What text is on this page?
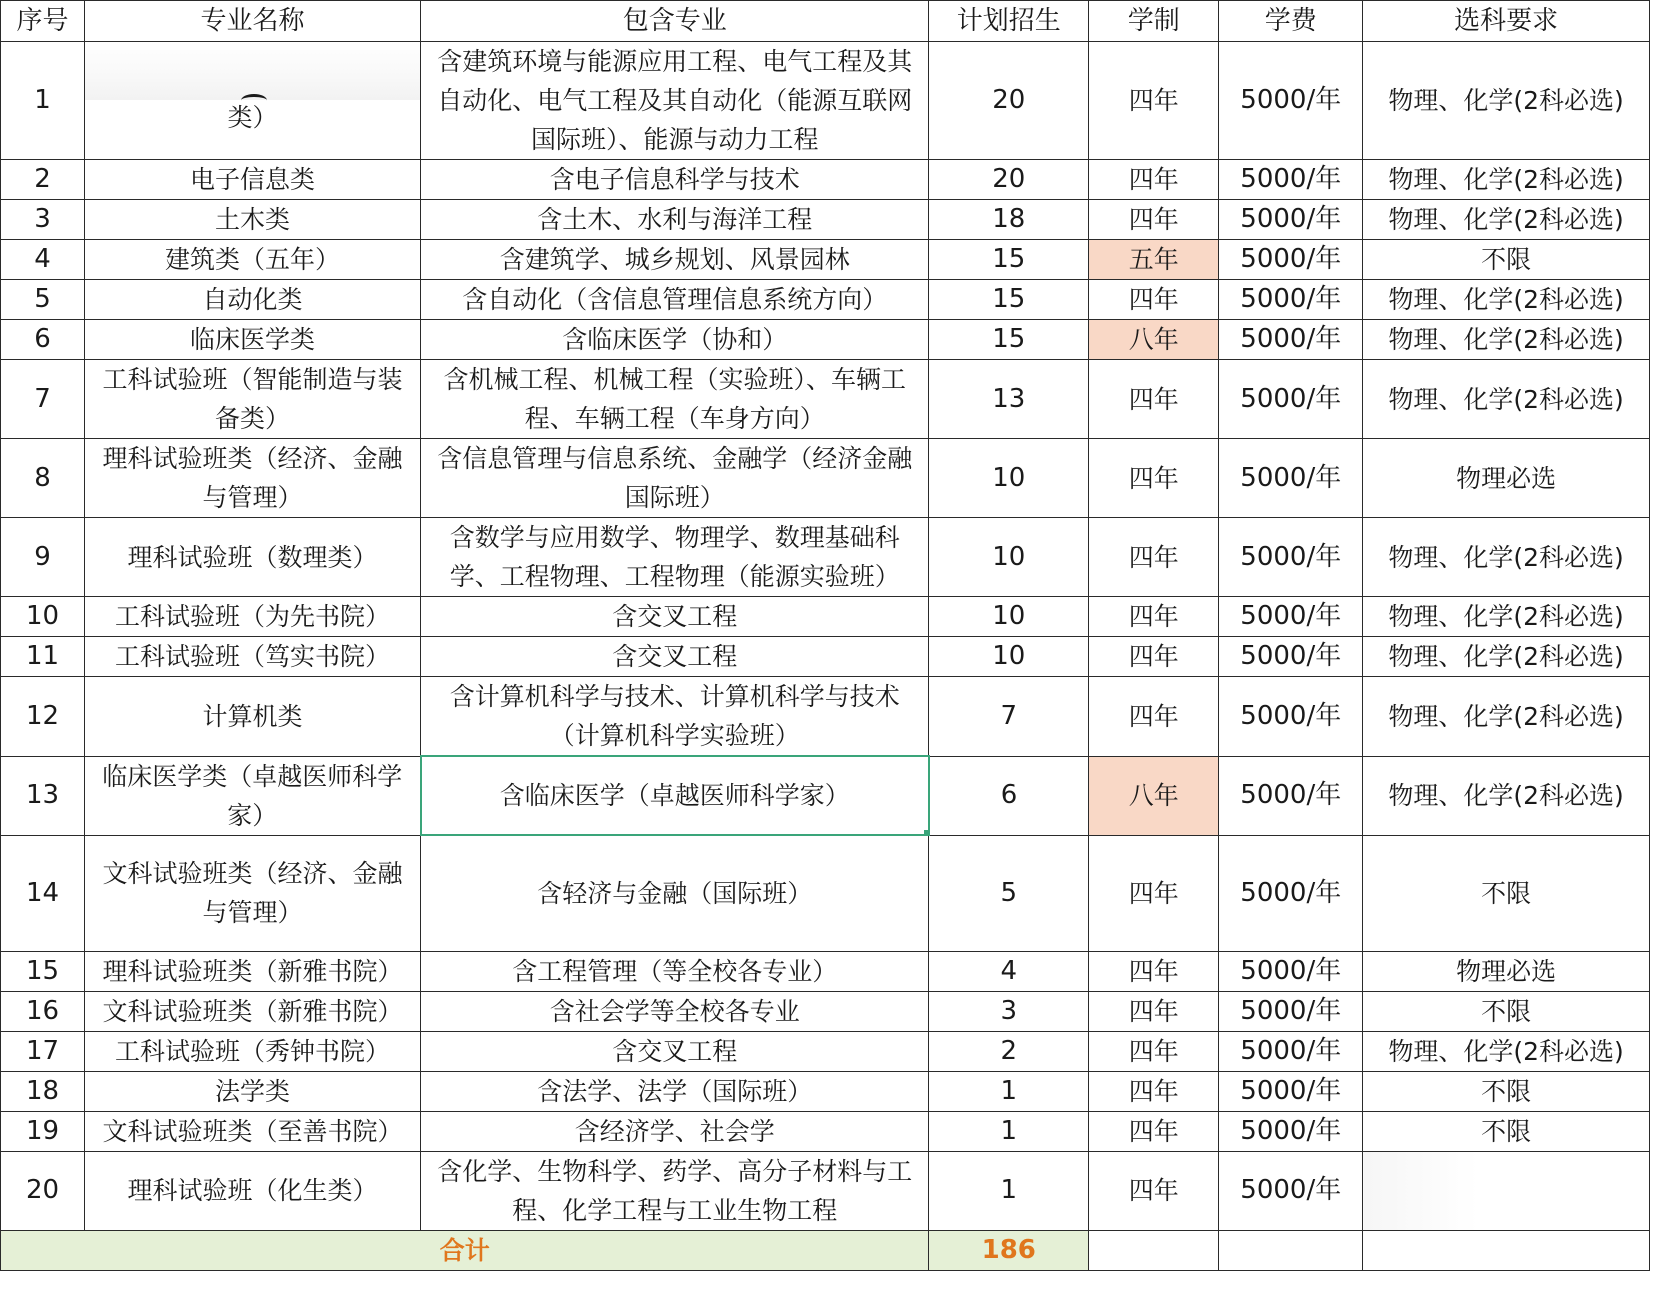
序号	专业名称	包含专业	计划招生	学制	学费	选科要求
1	类）	含建筑环境与能源应用工程、电气工程及其自动化、电气工程及其自动化（能源互联网国际班）、能源与动力工程	20	四年	5000/年	物理、化学(2科必选)
2	电子信息类	含电子信息科学与技术	20	四年	5000/年	物理、化学(2科必选)
3	土木类	含土木、水利与海洋工程	18	四年	5000/年	物理、化学(2科必选)
4	建筑类（五年）	含建筑学、城乡规划、风景园林	15	五年	5000/年	不限
5	自动化类	含自动化（含信息管理信息系统方向）	15	四年	5000/年	物理、化学(2科必选)
6	临床医学类	含临床医学（协和）	15	八年	5000/年	物理、化学(2科必选)
7	工科试验班（智能制造与装备类）	含机械工程、机械工程（实验班）、车辆工程、车辆工程（车身方向）	13	四年	5000/年	物理、化学(2科必选)
8	理科试验班类（经济、金融与管理）	含信息管理与信息系统、金融学（经济金融国际班）	10	四年	5000/年	物理必选
9	理科试验班（数理类）	含数学与应用数学、物理学、数理基础科学、工程物理、工程物理（能源实验班）	10	四年	5000/年	物理、化学(2科必选)
10	工科试验班（为先书院）	含交叉工程	10	四年	5000/年	物理、化学(2科必选)
11	工科试验班（笃实书院）	含交叉工程	10	四年	5000/年	物理、化学(2科必选)
12	计算机类	含计算机科学与技术、计算机科学与技术（计算机科学实验班）	7	四年	5000/年	物理、化学(2科必选)
13	临床医学类（卓越医师科学家）	含临床医学（卓越医师科学家）	6	八年	5000/年	物理、化学(2科必选)
14	文科试验班类（经济、金融与管理）	含轻济与金融（国际班）	5	四年	5000/年	不限
15	理科试验班类（新雅书院）	含工程管理（等全校各专业）	4	四年	5000/年	物理必选
16	文科试验班类（新雅书院）	含社会学等全校各专业	3	四年	5000/年	不限
17	工科试验班（秀钟书院）	含交叉工程	2	四年	5000/年	物理、化学(2科必选)
18	法学类	含法学、法学（国际班）	1	四年	5000/年	不限
19	文科试验班类（至善书院）	含经济学、社会学	1	四年	5000/年	不限
20	理科试验班（化生类）	含化学、生物科学、药学、高分子材料与工程、化学工程与工业生物工程	1	四年	5000/年	
合计			186			
